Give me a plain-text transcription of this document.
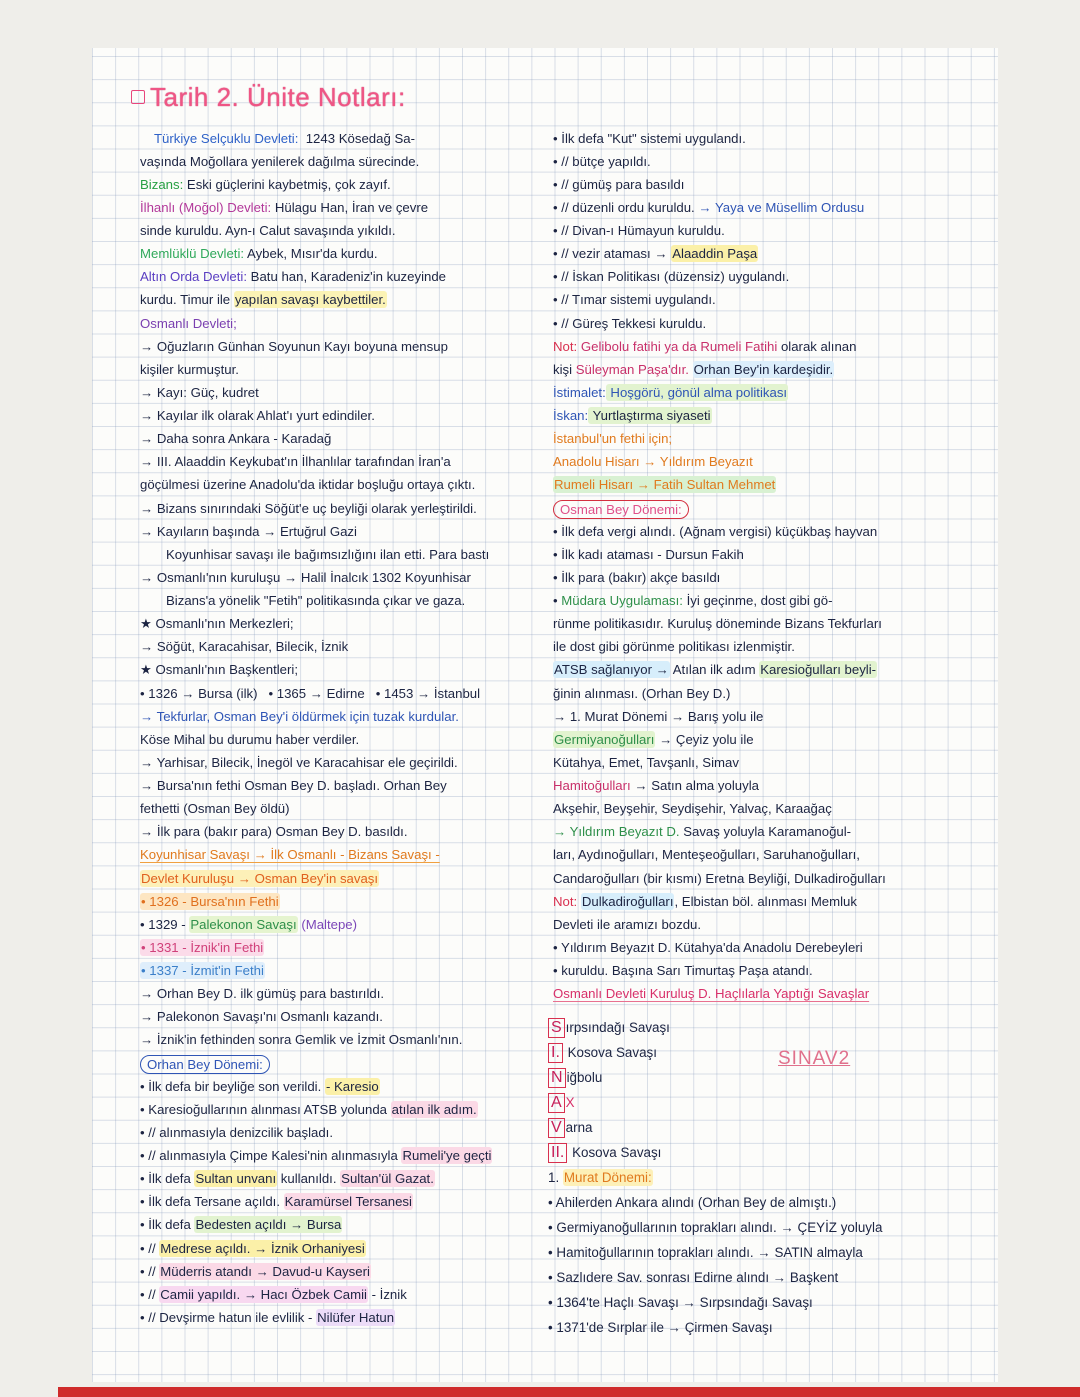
Tarih 2. Ünite Notları:
Türkiye Selçuklu Devleti:  1243 Kösedağ Sa-
vaşında Moğollara yenilerek dağılma sürecinde.
Bizans: Eski güçlerini kaybetmiş, çok zayıf.
İlhanlı (Moğol) Devleti: Hülagu Han, İran ve çevre
sinde kuruldu. Ayn-ı Calut savaşında yıkıldı.
Memlüklü Devleti: Aybek, Mısır'da kurdu.
Altın Orda Devleti: Batu han, Karadeniz'in kuzeyinde
kurdu. Timur ile yapılan savaşı kaybettiler.
Osmanlı Devleti;
→ Oğuzların Günhan Soyunun Kayı boyuna mensup
kişiler kurmuştur.
→ Kayı: Güç, kudret
→ Kayılar ilk olarak Ahlat'ı yurt edindiler.
→ Daha sonra Ankara - Karadağ
→ III. Alaaddin Keykubat'ın İlhanlılar tarafından İran'a
göçülmesi üzerine Anadolu'da iktidar boşluğu ortaya çıktı.
→ Bizans sınırındaki Söğüt'e uç beyliği olarak yerleştirildi.
→ Kayıların başında → Ertuğrul Gazi
Koyunhisar savaşı ile bağımsızlığını ilan etti. Para bastı
→ Osmanlı'nın kuruluşu → Halil İnalcık 1302 Koyunhisar
Bizans'a yönelik "Fetih" politikasında çıkar ve gaza.
★ Osmanlı'nın Merkezleri;
→ Söğüt, Karacahisar, Bilecik, İznik
★ Osmanlı'nın Başkentleri;
• 1326 → Bursa (ilk)   • 1365 → Edirne   • 1453 → İstanbul
→ Tekfurlar, Osman Bey'i öldürmek için tuzak kurdular.
Köse Mihal bu durumu haber verdiler.
→ Yarhisar, Bilecik, İnegöl ve Karacahisar ele geçirildi.
→ Bursa'nın fethi Osman Bey D. başladı. Orhan Bey
fethetti (Osman Bey öldü)
→ İlk para (bakır para) Osman Bey D. basıldı.
Koyunhisar Savaşı → İlk Osmanlı - Bizans Savaşı -
Devlet Kuruluşu → Osman Bey'in savaşı
• 1326 - Bursa'nın Fethi
• 1329 - Palekonon Savaşı (Maltepe)
• 1331 - İznik'in Fethi
• 1337 - İzmit'in Fethi
→ Orhan Bey D. ilk gümüş para bastırıldı.
→ Palekonon Savaşı'nı Osmanlı kazandı.
→ İznik'in fethinden sonra Gemlik ve İzmit Osmanlı'nın.
Orhan Bey Dönemi:
• İlk defa bir beyliğe son verildi. - Karesio
• Karesioğullarının alınması ATSB yolunda atılan ilk adım.
• // alınmasıyla denizcilik başladı.
• // alınmasıyla Çimpe Kalesi'nin alınmasıyla Rumeli'ye geçti
• İlk defa Sultan unvanı kullanıldı. Sultan'ül Gazat.
• İlk defa Tersane açıldı. Karamürsel Tersanesi
• İlk defa Bedesten açıldı → Bursa
• // Medrese açıldı. → İznik Orhaniyesi
• // Müderris atandı → Davud-u Kayseri
• // Camii yapıldı. → Hacı Özbek Camii - İznik
• // Devşirme hatun ile evlilik - Nilüfer Hatun
• İlk defa "Kut" sistemi uygulandı.
• // bütçe yapıldı.
• // gümüş para basıldı
• // düzenli ordu kuruldu. → Yaya ve Müsellim Ordusu
• // Divan-ı Hümayun kuruldu.
• // vezir ataması → Alaaddin Paşa
• // İskan Politikası (düzensiz) uygulandı.
• // Tımar sistemi uygulandı.
• // Güreş Tekkesi kuruldu.
Not: Gelibolu fatihi ya da Rumeli Fatihi olarak alınan
kişi Süleyman Paşa'dır. Orhan Bey'in kardeşidir.
İstimalet: Hoşgörü, gönül alma politikası
İskan: Yurtlaştırma siyaseti
İstanbul'un fethi için;
Anadolu Hisarı → Yıldırım Beyazıt
Rumeli Hisarı → Fatih Sultan Mehmet
Osman Bey Dönemi:
• İlk defa vergi alındı. (Ağnam vergisi) küçükbaş hayvan
• İlk kadı ataması - Dursun Fakih
• İlk para (bakır) akçe basıldı
• Müdara Uygulaması: İyi geçinme, dost gibi gö-
rünme politikasıdır. Kuruluş döneminde Bizans Tekfurları
ile dost gibi görünme politikası izlenmiştir.
ATSB sağlanıyor → Atılan ilk adım Karesioğulları beyli-
ğinin alınması. (Orhan Bey D.)
→ 1. Murat Dönemi → Barış yolu ile
Germiyanoğulları → Çeyiz yolu ile
Kütahya, Emet, Tavşanlı, Simav
Hamitoğulları → Satın alma yoluyla
Akşehir, Beyşehir, Seydişehir, Yalvaç, Karaağaç
→ Yıldırım Beyazıt D. Savaş yoluyla Karamanoğul-
ları, Aydınoğulları, Menteşeoğulları, Saruhanoğulları,
Candaroğulları (bir kısmı) Eretna Beyliği, Dulkadiroğulları
Not: Dulkadiroğulları, Elbistan böl. alınması Memluk
Devleti ile aramızı bozdu.
• Yıldırım Beyazıt D. Kütahya'da Anadolu Derebeyleri
• kuruldu. Başına Sarı Timurtaş Paşa atandı.
Osmanlı Devleti Kuruluş D. Haçlılarla Yaptığı Savaşlar
S ırpsındağı Savaşı
I. Kosova Savaşı
N iğbolu
A X
V arna
II. Kosova Savaşı
1. Murat Dönemi:
• Ahilerden Ankara alındı (Orhan Bey de almıştı.)
• Germiyanoğullarının toprakları alındı. → ÇEYİZ yoluyla
• Hamitoğullarının toprakları alındı. → SATIN almayla
• Sazlıdere Sav. sonrası Edirne alındı → Başkent
• 1364'te Haçlı Savaşı → Sırpsındağı Savaşı
• 1371'de Sırplar ile → Çirmen Savaşı
SINAV2
